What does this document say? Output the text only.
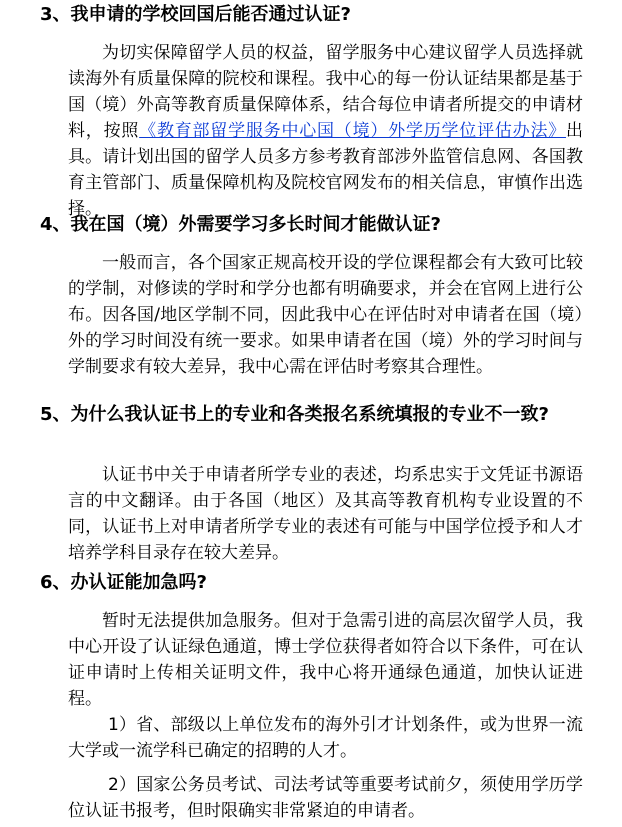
3、我申请的学校回国后能否通过认证?

为切实保障留学人员的权益，留学服务中心建议留学人员选择就读海外有质量保障的院校和课程。我中心的每一份认证结果都是基于国（境）外高等教育质量保障体系，结合每位申请者所提交的申请材料，按照《教育部留学服务中心国（境）外学历学位评估办法》出具。请计划出国的留学人员多方参考教育部涉外监管信息网、各国教育主管部门、质量保障机构及院校官网发布的相关信息，审慎作出选择。

4、我在国（境）外需要学习多长时间才能做认证?

一般而言，各个国家正规高校开设的学位课程都会有大致可比较的学制，对修读的学时和学分也都有明确要求，并会在官网上进行公布。因各国/地区学制不同，因此我中心在评估时对申请者在国（境）外的学习时间没有统一要求。如果申请者在国（境）外的学习时间与学制要求有较大差异，我中心需在评估时考察其合理性。

5、为什么我认证书上的专业和各类报名系统填报的专业不一致?

认证书中关于申请者所学专业的表述，均系忠实于文凭证书源语言的中文翻译。由于各国（地区）及其高等教育机构专业设置的不同，认证书上对申请者所学专业的表述有可能与中国学位授予和人才培养学科目录存在较大差异。

6、办认证能加急吗?

暂时无法提供加急服务。但对于急需引进的高层次留学人员，我中心开设了认证绿色通道，博士学位获得者如符合以下条件，可在认证申请时上传相关证明文件，我中心将开通绿色通道，加快认证进程。

1）省、部级以上单位发布的海外引才计划条件，或为世界一流大学或一流学科已确定的招聘的人才。

2）国家公务员考试、司法考试等重要考试前夕，须使用学历学位认证书报考，但时限确实非常紧迫的申请者。
